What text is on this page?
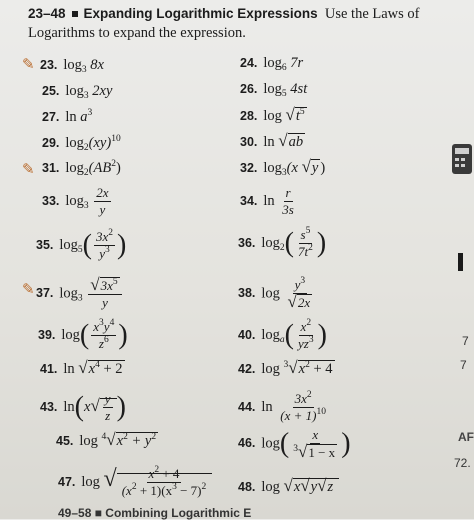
23–48 Expanding Logarithmic Expressions Use the Laws of
Logarithms to expand the expression.
✎
✎
✎
23. $\log_3 8x$	24. $\log_6 7r$
25. $\log_3 2xy$	26. $\log_5 4st$
27. $\ln a^3$	28. $\log √t^5$
29. $\log_2(xy)^{10}$	30. ln √ab
31. $\log_2(AB^2)$	32. $\log_3(x$ √y )
33. $\log_3 \frac{2x}{y}$	34. $\ln \frac{r}{3s}$
35. $\log_5( \frac{3x^2}{y^3}$ )	36. $\log_2( \frac{s^5}{7t^2}$ )
37. $\log_3 \frac{√3x^5}{y}$	38. $\log \frac{y^3}{√2x}$
39. $\log( \frac{x^3y^4}{z^6}$ )	40. $\log_a( \frac{x^2}{yz^3}$ )
41. $\ln √x^4 + 2$	42. $\log ^3√x^2 + 4$
43. $\ln(x√ \frac{y}{z}$ )	44. $\ln \frac{3x^2}{(x + 1)^{10}}$
45. $\log ^4√x^2 + y^2$	46. $\log( \frac{x}{^3√1 - x}$ )
47. log √ $\frac{x^2 + 4}{(x^2 + 1)(x^3 - 7)^2} 48$. log √x√y√z
7
7
AF
72.
49–58 ■ Combining Logarithmic E
